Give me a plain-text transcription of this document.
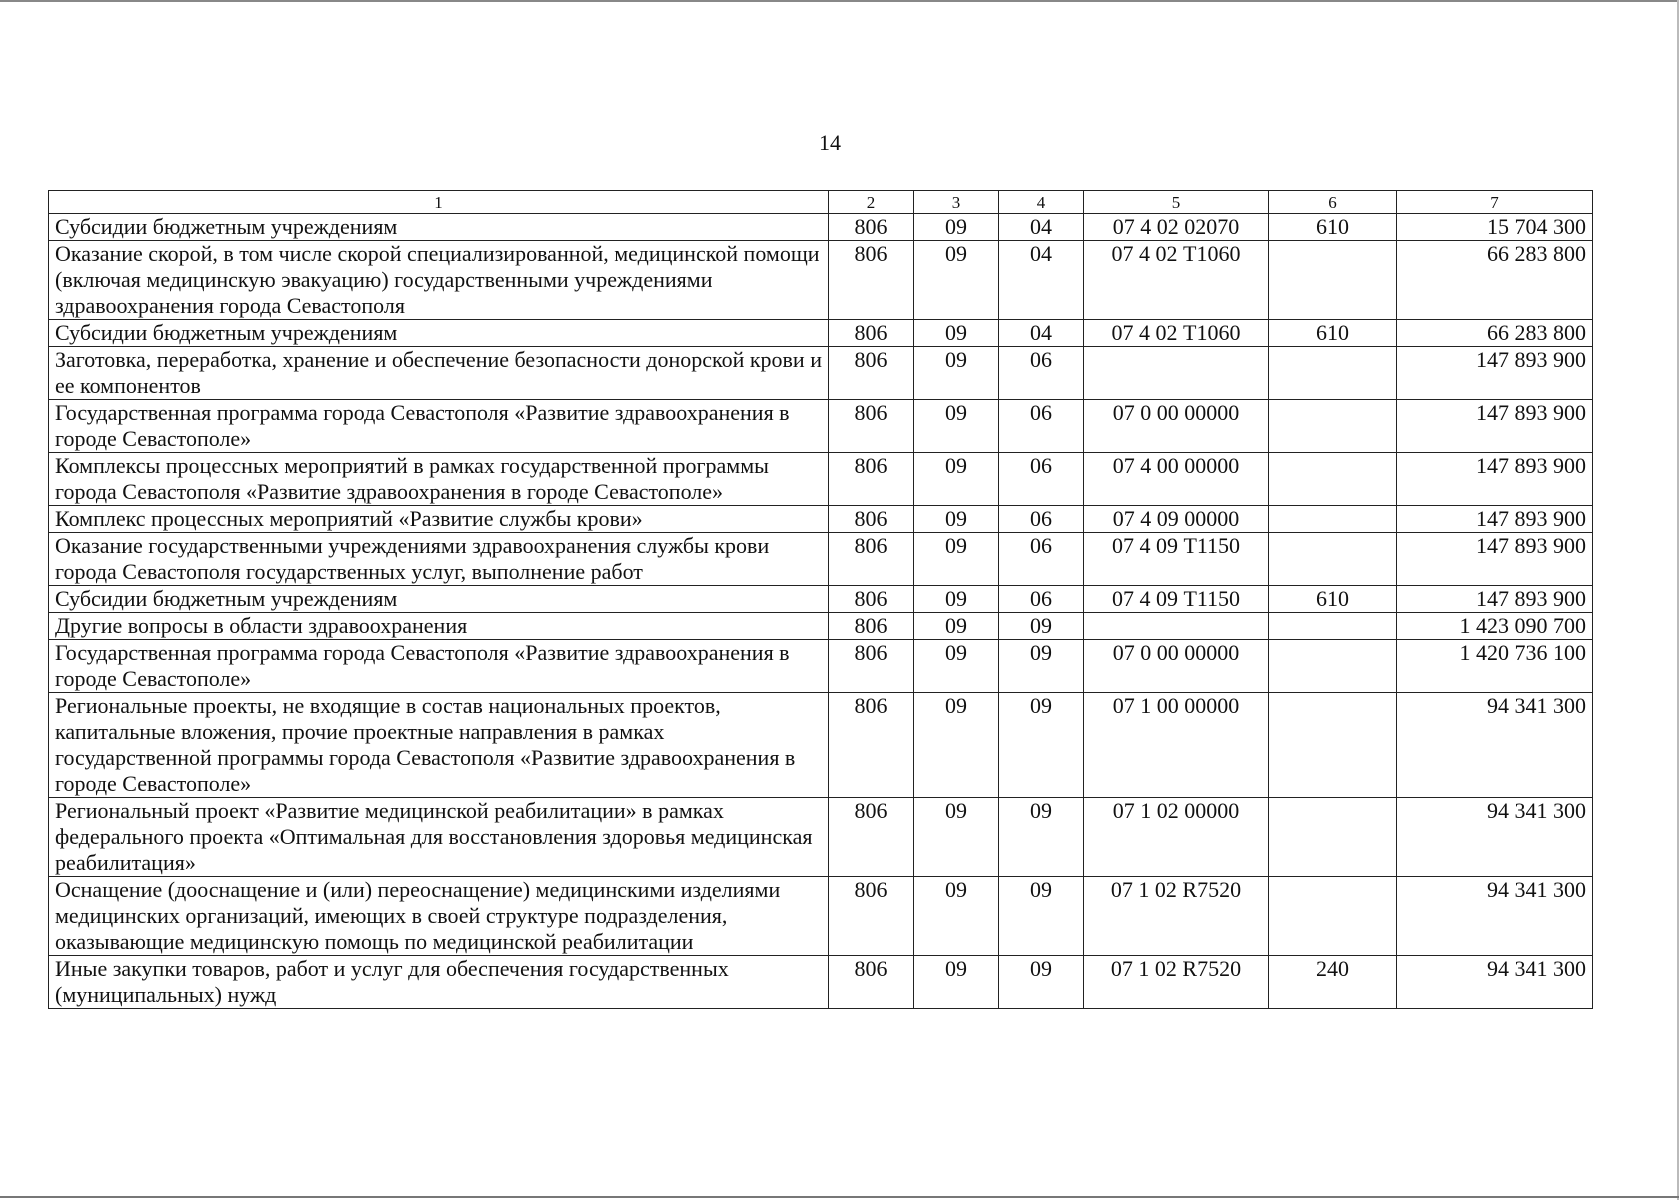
14
1	2	3	4	5	6	7
Субсидии бюджетным учреждениям	806	09	04	07 4 02 02070	610	15 704 300
Оказание скорой, в том числе скорой специализированной, медицинской помощи (включая медицинскую эвакуацию) государственными учреждениями здравоохранения города Севастополя	806	09	04	07 4 02 Т1060		66 283 800
Субсидии бюджетным учреждениям	806	09	04	07 4 02 Т1060	610	66 283 800
Заготовка, переработка, хранение и обеспечение безопасности донорской крови и ее компонентов	806	09	06			147 893 900
Государственная программа города Севастополя «Развитие здравоохранения в городе Севастополе»	806	09	06	07 0 00 00000		147 893 900
Комплексы процессных мероприятий в рамках государственной программы города Севастополя «Развитие здравоохранения в городе Севастополе»	806	09	06	07 4 00 00000		147 893 900
Комплекс процессных мероприятий «Развитие службы крови»	806	09	06	07 4 09 00000		147 893 900
Оказание государственными учреждениями здравоохранения службы крови города Севастополя государственных услуг, выполнение работ	806	09	06	07 4 09 Т1150		147 893 900
Субсидии бюджетным учреждениям	806	09	06	07 4 09 Т1150	610	147 893 900
Другие вопросы в области здравоохранения	806	09	09			1 423 090 700
Государственная программа города Севастополя «Развитие здравоохранения в городе Севастополе»	806	09	09	07 0 00 00000		1 420 736 100
Региональные проекты, не входящие в состав национальных проектов, капитальные вложения, прочие проектные направления в рамках государственной программы города Севастополя «Развитие здравоохранения в городе Севастополе»	806	09	09	07 1 00 00000		94 341 300
Региональный проект «Развитие медицинской реабилитации» в рамках федерального проекта «Оптимальная для восстановления здоровья медицинская реабилитация»	806	09	09	07 1 02 00000		94 341 300
Оснащение (дооснащение и (или) переоснащение) медицинскими изделиями медицинских организаций, имеющих в своей структуре подразделения, оказывающие медицинскую помощь по медицинской реабилитации	806	09	09	07 1 02 R7520		94 341 300
Иные закупки товаров, работ и услуг для обеспечения государственных (муниципальных) нужд	806	09	09	07 1 02 R7520	240	94 341 300
